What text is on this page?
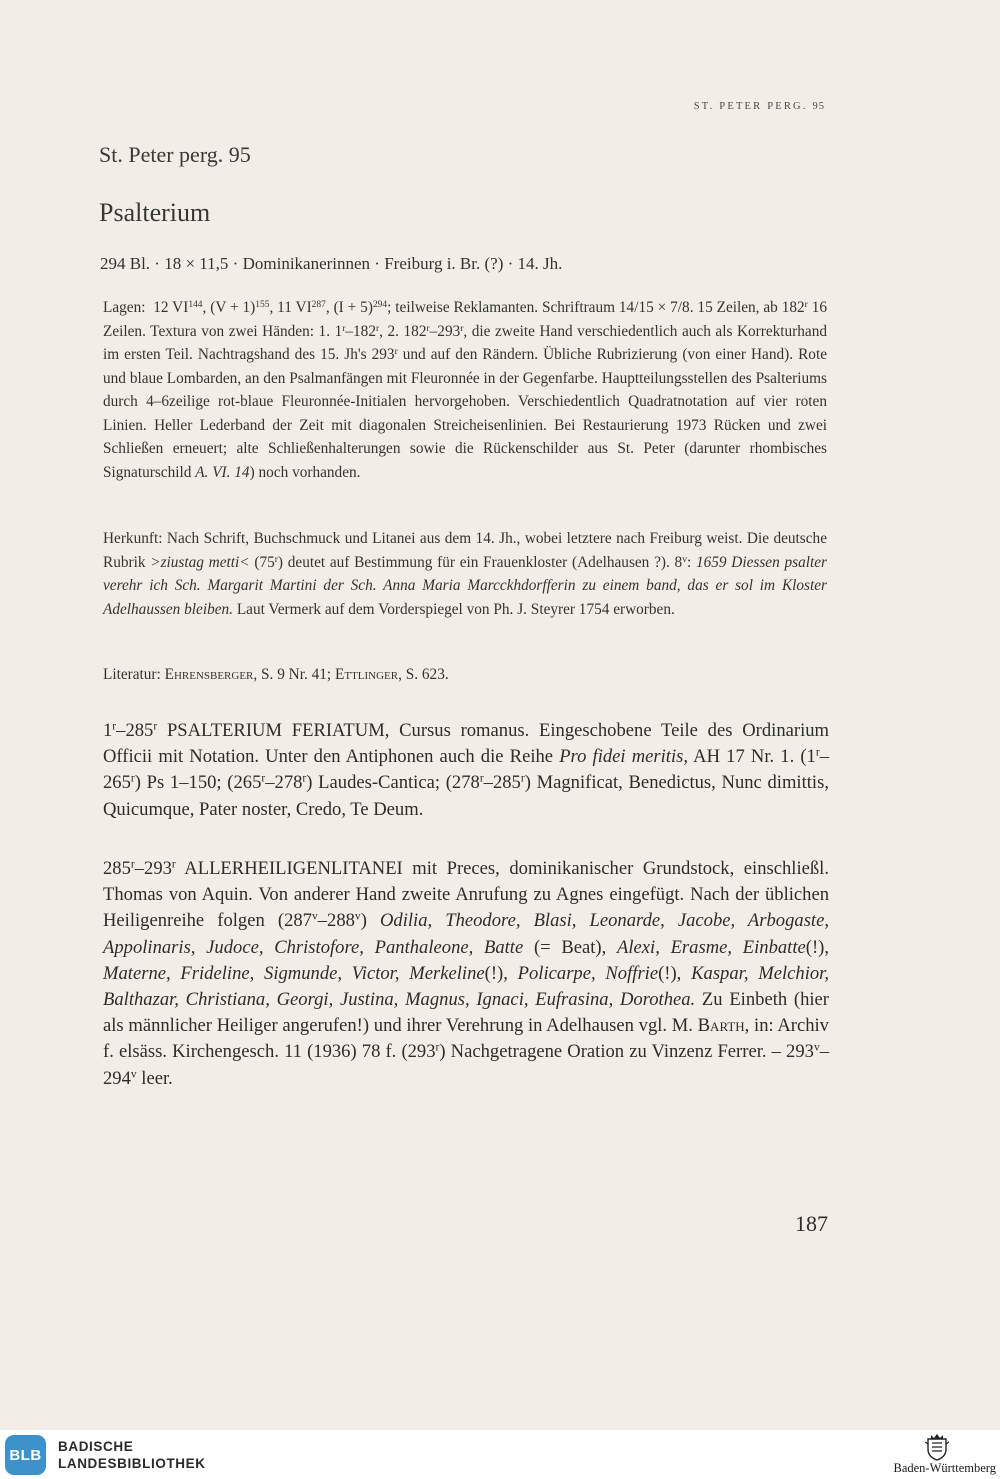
ST. PETER PERG. 95
St. Peter perg. 95
Psalterium
294 Bl. · 18 × 11,5 · Dominikanerinnen · Freiburg i. Br. (?) · 14. Jh.

Lagen: 12 VI$^{144}$, $(V + 1)^{155}$, 11 VI$^{287}$, $(I + 5)^{294}$; teilweise Reklamanten. Schriftraum 14/15 × 7/8. 15 Zeilen, ab 182$^r$ 16 Zeilen. Textura von zwei Händen: 1. 1$^r$–182$^r$, 2. 182$^r$–293$^r$, die zweite Hand verschiedentlich auch als Korrekturhand im ersten Teil. Nachtragshand des 15. Jh's 293$^r$ und auf den Rändern. Übliche Rubrizierung (von einer Hand). Rote und blaue Lombarden, an den Psalmanfängen mit Fleuronnée in der Gegenfarbe. Hauptteilungsstellen des Psalteriums durch 4–6zeilige rot-blaue Fleuronnée-Initialen hervorgehoben. Verschiedentlich Quadratnotation auf vier roten Linien. Heller Lederband der Zeit mit diagonalen Streicheisenlinien. Bei Restaurierung 1973 Rücken und zwei Schließen erneuert; alte Schließenhalterungen sowie die Rückenschilder aus St. Peter (darunter rhombisches Signaturschild A. VI. 14) noch vorhanden.

Herkunft: Nach Schrift, Buchschmuck und Litanei aus dem 14. Jh., wobei letztere nach Freiburg weist. Die deutsche Rubrik >ziustag metti< $(75^r)$ deutet auf Bestimmung für ein Frauenkloster (Adelhausen ?). 8$^v$: 1659 Diessen psalter verehr ich Sch. Margarit Martini der Sch. Anna Maria Marcckhdorfferin zu einem band, das er sol im Kloster Adelhaussen bleiben. Laut Vermerk auf dem Vorderspiegel von Ph. J. Steyrer 1754 erworben.

Literatur: Ehrensberger, S. 9 Nr. 41; Ettlinger, S. 623.

1$^r$–285$^r$ PSALTERIUM FERIATUM, Cursus romanus. Eingeschobene Teile des Ordinarium Officii mit Notation. Unter den Antiphonen auch die Reihe Pro fidei meritis, AH 17 Nr. 1. (1$^r$–265$^r$) Ps 1–150; (265$^r$–278$^r$) Laudes-Cantica; (278$^r$–285$^r$) Magnificat, Benedictus, Nunc dimittis, Quicumque, Pater noster, Credo, Te Deum.

285$^r$–293$^r$ ALLERHEILIGENLITANEI mit Preces, dominikanischer Grundstock, einschließl. Thomas von Aquin. Von anderer Hand zweite Anrufung zu Agnes eingefügt. Nach der üblichen Heiligenreihe folgen (287$^v$–288$^v$) Odilia, Theodore, Blasi, Leonarde, Jacobe, Arbogaste, Appolinaris, Judoce, Christofore, Panthaleone, Batte (= Beat), Alexi, Erasme, Einbatte(!), Materne, Frideline, Sigmunde, Victor, Merkeline(!), Policarpe, Noffrie(!), Kaspar, Melchior, Balthazar, Christiana, Georgi, Justina, Magnus, Ignaci, Eufrasina, Dorothea. Zu Einbeth (hier als männlicher Heiliger angerufen!) und ihrer Verehrung in Adelhausen vgl. M. Barth, in: Archiv f. elsäss. Kirchengesch. 11 (1936) 78 f. (293$^r$) Nachgetragene Oration zu Vinzenz Ferrer. – 293$^v$–294$^v$ leer.

187
BLB	BADISCHE
LANDESBIBLIOTHEK	Baden-Württemberg
